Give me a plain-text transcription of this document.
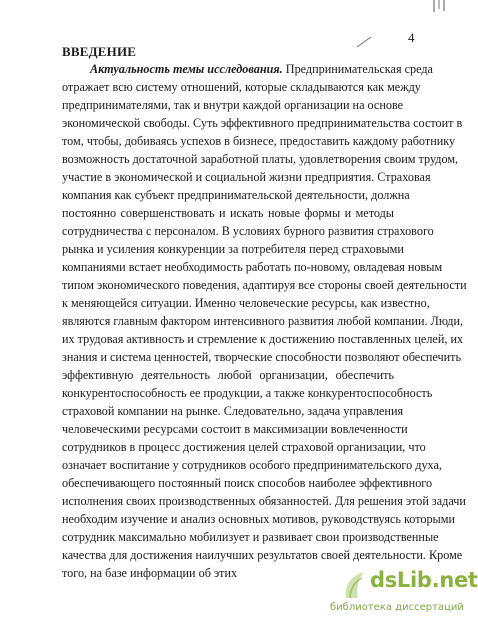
4
ВВЕДЕНИЕ
Актуальность темы исследования. Предпринимательская среда
отражает всю систему отношений, которые складываются как между
предпринимателями, так и внутри каждой организации на основе
экономической свободы. Суть эффективного предпринимательства состоит в
том, чтобы, добиваясь успехов в бизнесе, предоставить каждому работнику
возможность достаточной заработной платы, удовлетворения своим трудом,
участие в экономической и социальной жизни предприятия. Страховая
компания как субъект предпринимательской деятельности, должна
постоянно совершенствовать и искать новые формы и методы
сотрудничества с персоналом. В условиях бурного развития страхового
рынка и усиления конкуренции за потребителя перед страховыми
компаниями встает необходимость работать по-новому, овладевая новым
типом экономического поведения, адаптируя все стороны своей деятельности
к меняющейся ситуации. Именно человеческие ресурсы, как известно,
являются главным фактором интенсивного развития любой компании. Люди,
их трудовая активность и стремление к достижению поставленных целей, их
знания и система ценностей, творческие способности позволяют обеспечить
эффективную деятельность любой организации, обеспечить
конкурентоспособность ее продукции, а также конкурентоспособность
страховой компании на рынке. Следовательно, задача управления
человеческими ресурсами состоит в максимизации вовлеченности
сотрудников в процесс достижения целей страховой организации, что
означает воспитание у сотрудников особого предпринимательского духа,
обеспечивающего постоянный поиск способов наиболее эффективного
исполнения своих производственных обязанностей. Для решения этой задачи
необходим изучение и анализ основных мотивов, руководствуясь которыми
сотрудник максимально мобилизует и развивает свои производственные
качества для достижения наилучших результатов своей деятельности. Кроме
того, на базе информации об этих	dsLib.net
библиотека диссертаций
